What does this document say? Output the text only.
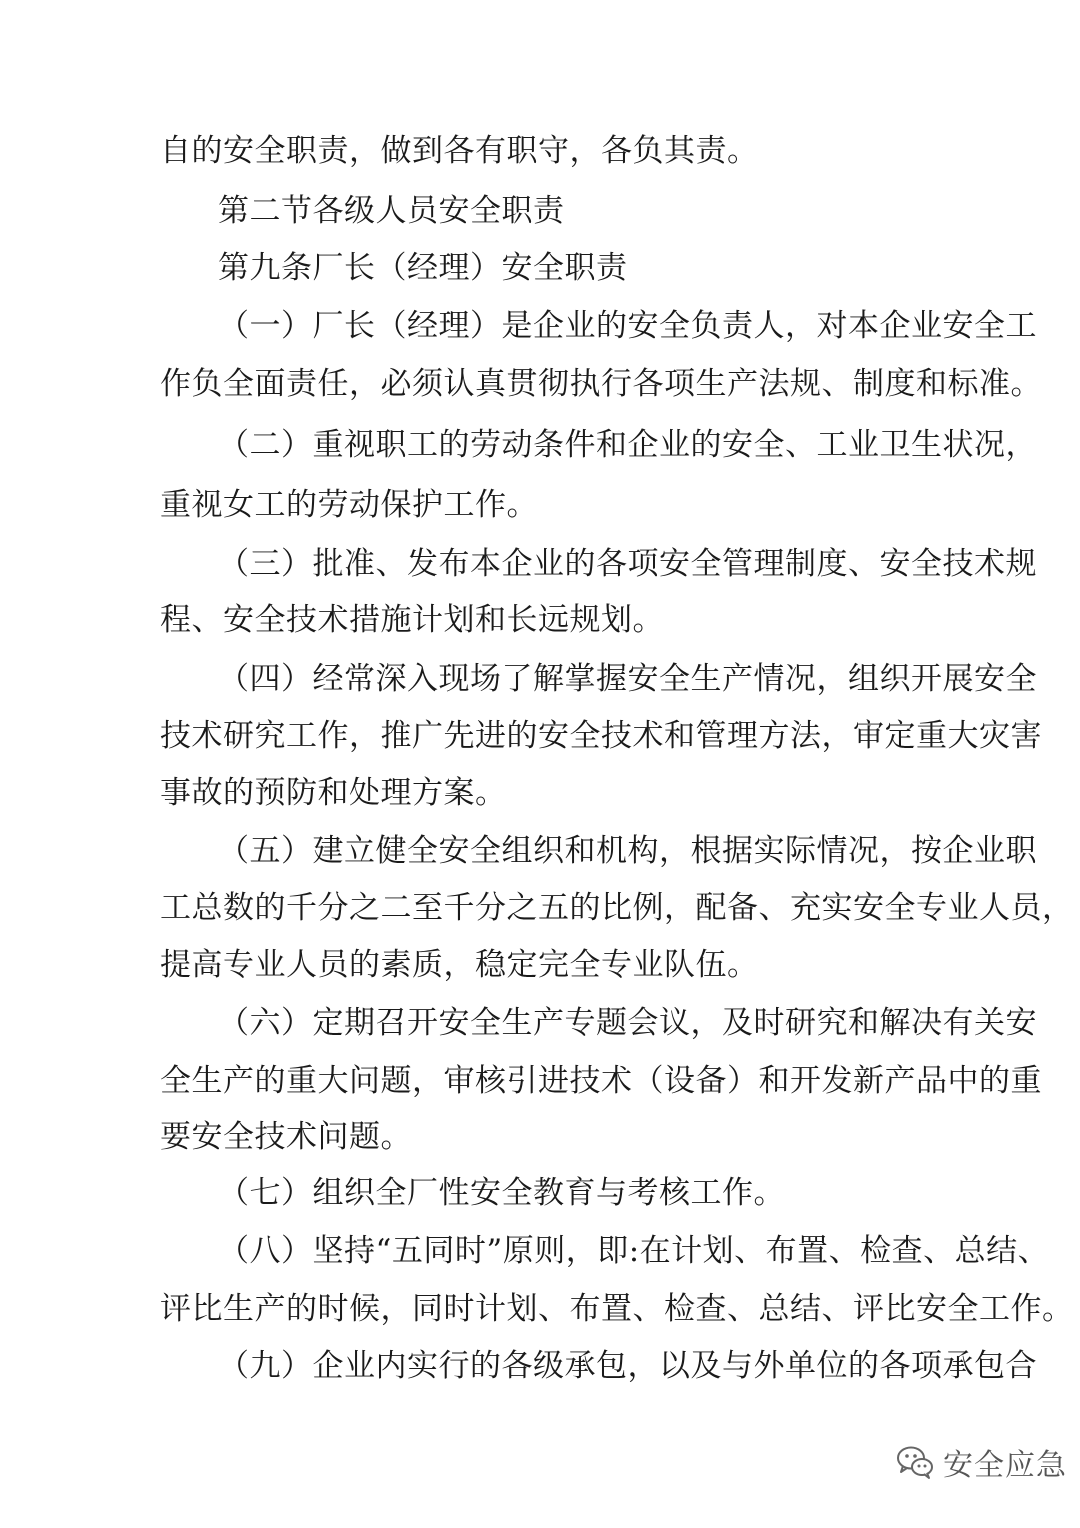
自的安全职责，做到各有职守，各负其责。
第二节各级人员安全职责
第九条厂长（经理）安全职责
（一）厂长（经理）是企业的安全负责人，对本企业安全工
作负全面责任，必须认真贯彻执行各项生产法规、制度和标准。
（二）重视职工的劳动条件和企业的安全、工业卫生状况，
重视女工的劳动保护工作。
（三）批准、发布本企业的各项安全管理制度、安全技术规
程、安全技术措施计划和长远规划。
（四）经常深入现场了解掌握安全生产情况，组织开展安全
技术研究工作，推广先进的安全技术和管理方法，审定重大灾害
事故的预防和处理方案。
（五）建立健全安全组织和机构，根据实际情况，按企业职
工总数的千分之二至千分之五的比例，配备、充实安全专业人员，
提高专业人员的素质，稳定完全专业队伍。
（六）定期召开安全生产专题会议，及时研究和解决有关安
全生产的重大问题，审核引进技术（设备）和开发新产品中的重
要安全技术问题。
（七）组织全厂性安全教育与考核工作。
（八）坚持“五同时”原则，即:在计划、布置、检查、总结、
评比生产的时候，同时计划、布置、检查、总结、评比安全工作。
（九）企业内实行的各级承包，以及与外单位的各项承包合
安全应急
